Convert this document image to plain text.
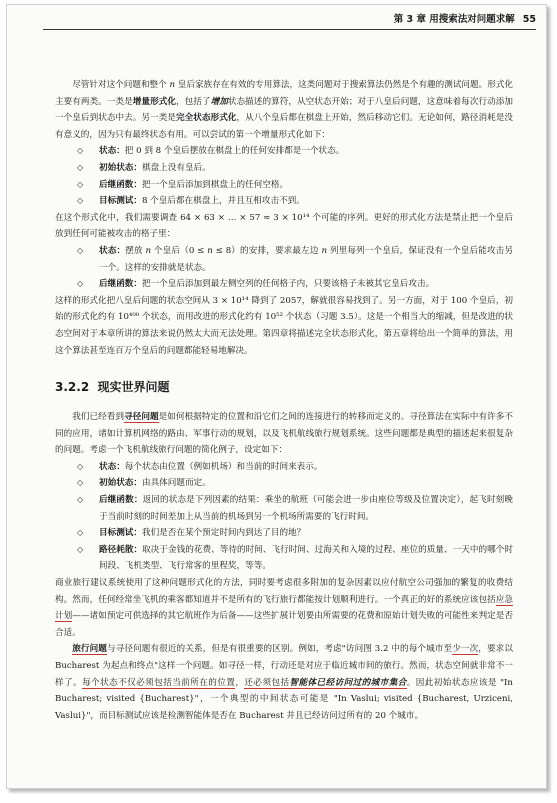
第 3 章 用搜索法对问题求解 55

尽管针对这个问题和整个 n 皇后家族存在有效的专用算法，这类问题对于搜索算法仍然是个有趣的测试问题。形式化主要有两类。一类是增量形式化，包括了增加状态描述的算符，从空状态开始；对于八皇后问题，这意味着每次行动添加一个皇后到状态中去。另一类是完全状态形式化，从八个皇后都在棋盘上开始，然后移动它们。无论如何，路径消耗是没有意义的，因为只有最终状态有用。可以尝试的第一个增量形式化如下：

◇ 状态：把 0 到 8 个皇后摆放在棋盘上的任何安排都是一个状态。

◇ 初始状态：棋盘上没有皇后。

◇ 后继函数：把一个皇后添加到棋盘上的任何空格。

◇ 目标测试：8 个皇后都在棋盘上，并且互相攻击不到。

在这个形式化中，我们需要调查 64 × 63 × … × 57 ≈ 3 × 10¹⁴ 个可能的序列。更好的形式化方法是禁止把一个皇后放到任何可能被攻击的格子里：

◇ 状态：摆放 n 个皇后（0 ≤ n ≤ 8）的安排，要求最左边 n 列里每列一个皇后，保证没有一个皇后能攻击另一个。这样的安排就是状态。

◇ 后继函数：把一个皇后添加到最左侧空列的任何格子内，只要该格子未被其它皇后攻击。

这样的形式化把八皇后问题的状态空间从 3 × 10¹⁴ 降到了 2057，解就很容易找到了。另一方面，对于 100 个皇后，初始的形式化约有 10⁴⁰⁰ 个状态，而用改进的形式化约有 10⁵² 个状态（习题 3.5）。这是一个相当大的缩减，但是改进的状态空间对于本章所讲的算法来说仍然太大而无法处理。第四章将描述完全状态形式化，第五章将给出一个简单的算法，用这个算法甚至连百万个皇后的问题都能轻易地解决。

3.2.2 现实世界问题

我们已经看到寻径问题是如何根据特定的位置和沿它们之间的连接进行的转移而定义的。寻径算法在实际中有许多不同的应用，诸如计算机网络的路由、军事行动的规划，以及飞机航线旅行规划系统。这些问题都是典型的描述起来很复杂的问题。考虑一个飞机航线旅行问题的简化例子，设定如下：

◇ 状态：每个状态由位置（例如机场）和当前的时间来表示。

◇ 初始状态：由具体问题而定。

◇ 后继函数：返回的状态是下列因素的结果：乘坐的航班（可能会进一步由座位等级及位置决定），起飞时刻晚于当前时刻的时间差加上从当前的机场到另一个机场所需要的飞行时间。

◇ 目标测试：我们是否在某个预定时间内到达了目的地？

◇ 路径耗散：取决于金钱的花费、等待的时间、飞行时间、过海关和入境的过程、座位的质量、一天中的哪个时间段、飞机类型、飞行常客的里程奖，等等。

商业旅行建议系统使用了这种问题形式化的方法，同时要考虑很多附加的复杂因素以应付航空公司强加的繁复的收费结构。然而，任何经常坐飞机的乘客都知道并不是所有的飞行旅行都能按计划顺利进行。一个真正的好的系统应该包括应急计划——诸如预定可供选择的其它航班作为后备——这些扩展计划要由所需要的花费和原始计划失败的可能性来判定是否合适。

旅行问题与寻径问题有很近的关系，但是有很重要的区别。例如，考虑"访问图 3.2 中的每个城市至少一次，要求以 Bucharest 为起点和终点"这样一个问题。如寻径一样，行动还是对应于临近城市间的旅行。然而，状态空间就非常不一样了。每个状态不仅必须包括当前所在的位置，还必须包括智能体已经访问过的城市集合。因此初始状态应该是 "In Bucharest; visited {Bucharest}"，一个典型的中间状态可能是 "In Vaslui; visited {Bucharest, Urziceni, Vaslui}"，而目标测试应该是检测智能体是否在 Bucharest 并且已经访问过所有的 20 个城市。
